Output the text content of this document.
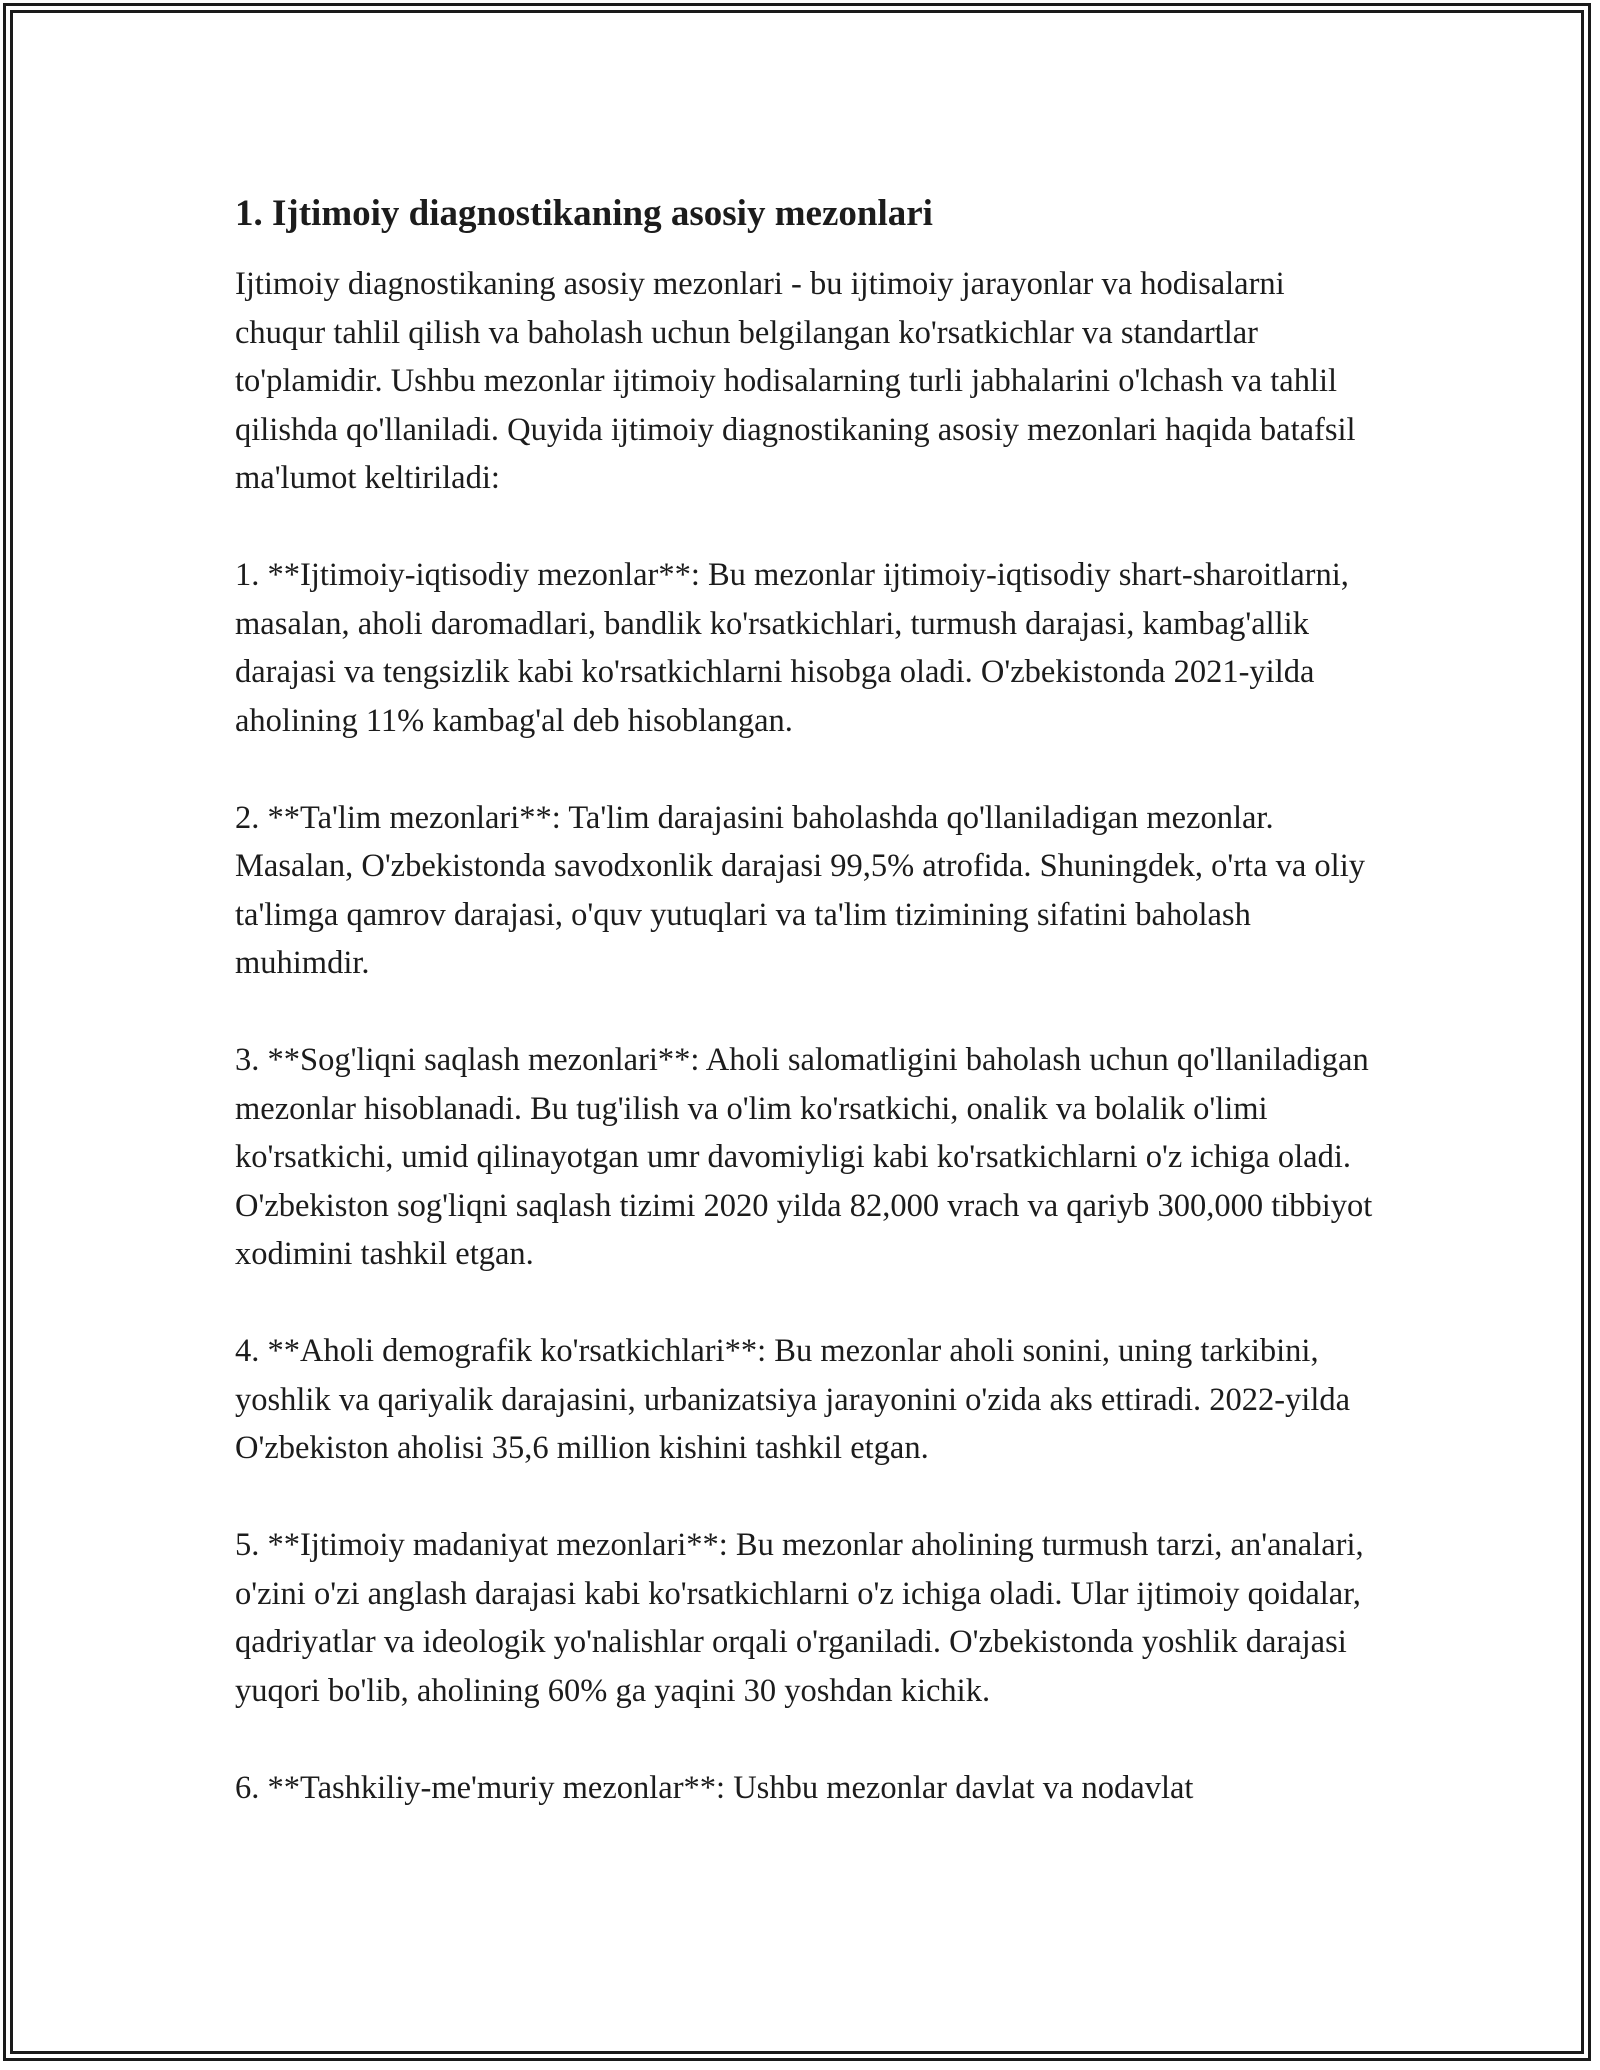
1. Ijtimoiy diagnostikaning asosiy mezonlari

Ijtimoiy diagnostikaning asosiy mezonlari - bu ijtimoiy jarayonlar va hodisalarni chuqur tahlil qilish va baholash uchun belgilangan ko'rsatkichlar va standartlar to'plamidir. Ushbu mezonlar ijtimoiy hodisalarning turli jabhalarini o'lchash va tahlil qilishda qo'llaniladi. Quyida ijtimoiy diagnostikaning asosiy mezonlari haqida batafsil ma'lumot keltiriladi:

1. **Ijtimoiy-iqtisodiy mezonlar**: Bu mezonlar ijtimoiy-iqtisodiy shart-sharoitlarni, masalan, aholi daromadlari, bandlik ko'rsatkichlari, turmush darajasi, kambag'allik darajasi va tengsizlik kabi ko'rsatkichlarni hisobga oladi. O'zbekistonda 2021-yilda aholining 11% kambag'al deb hisoblangan.

2. **Ta'lim mezonlari**: Ta'lim darajasini baholashda qo'llaniladigan mezonlar. Masalan, O'zbekistonda savodxonlik darajasi 99,5% atrofida. Shuningdek, o'rta va oliy ta'limga qamrov darajasi, o'quv yutuqlari va ta'lim tizimining sifatini baholash muhimdir.

3. **Sog'liqni saqlash mezonlari**: Aholi salomatligini baholash uchun qo'llaniladigan mezonlar hisoblanadi. Bu tug'ilish va o'lim ko'rsatkichi, onalik va bolalik o'limi ko'rsatkichi, umid qilinayotgan umr davomiyligi kabi ko'rsatkichlarni o'z ichiga oladi. O'zbekiston sog'liqni saqlash tizimi 2020 yilda 82,000 vrach va qariyb 300,000 tibbiyot xodimini tashkil etgan.

4. **Aholi demografik ko'rsatkichlari**: Bu mezonlar aholi sonini, uning tarkibini, yoshlik va qariyalik darajasini, urbanizatsiya jarayonini o'zida aks ettiradi. 2022-yilda O'zbekiston aholisi 35,6 million kishini tashkil etgan.

5. **Ijtimoiy madaniyat mezonlari**: Bu mezonlar aholining turmush tarzi, an'analari, o'zini o'zi anglash darajasi kabi ko'rsatkichlarni o'z ichiga oladi. Ular ijtimoiy qoidalar, qadriyatlar va ideologik yo'nalishlar orqali o'rganiladi. O'zbekistonda yoshlik darajasi yuqori bo'lib, aholining 60% ga yaqini 30 yoshdan kichik.

6. **Tashkiliy-me'muriy mezonlar**: Ushbu mezonlar davlat va nodavlat
